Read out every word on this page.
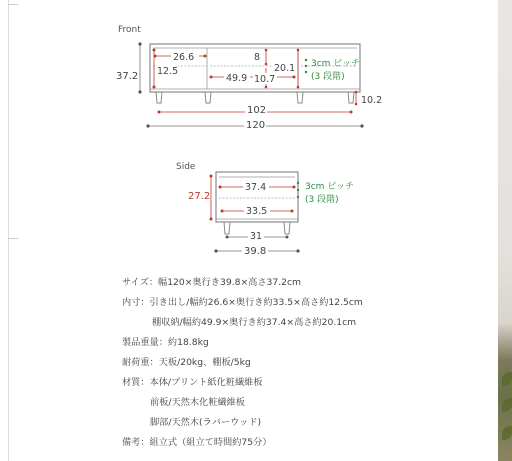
Front
37.2
26.6
12.5
8
49.9 10.7
20.1 3cm ピッチ
(3 段階)
102
10.2
120
Side
27.2
37.4
33.5
3cm ピッチ
(3 段階)
31
39.8
サイズ：幅120×奥行き39.8×高さ37.2cm
内寸：引き出し/幅約26.6×奥行き約33.5×高さ約12.5cm
棚収納/幅約49.9×奥行き約37.4×高さ約20.1cm
製品重量：約18.8kg
耐荷重：天板/20kg、棚板/5kg
材質：本体/プリント紙化粧繊維板
前板/天然木化粧繊維板
脚部/天然木(ラバーウッド)
備考：組立式（組立て時間約75分）
